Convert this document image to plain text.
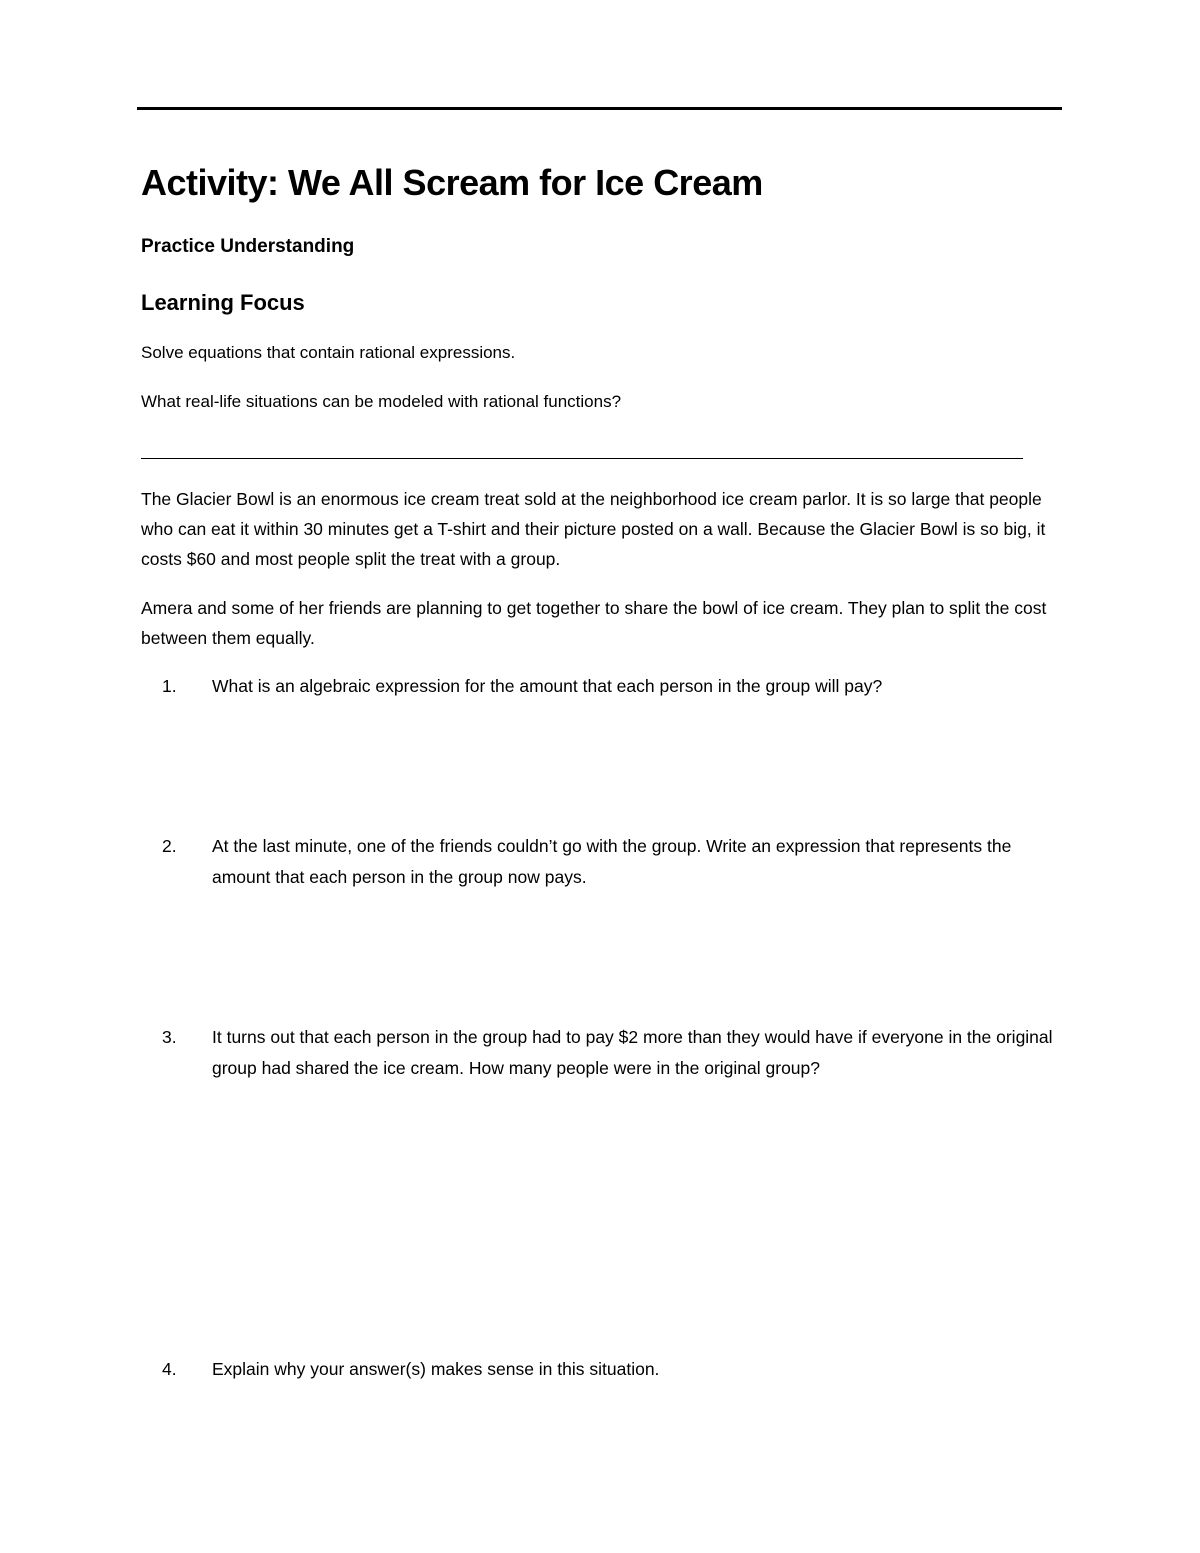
Activity: We All Scream for Ice Cream
Practice Understanding
Learning Focus
Solve equations that contain rational expressions.
What real-life situations can be modeled with rational functions?
The Glacier Bowl is an enormous ice cream treat sold at the neighborhood ice cream parlor. It is so large that people who can eat it within 30 minutes get a T-shirt and their picture posted on a wall. Because the Glacier Bowl is so big, it costs $60 and most people split the treat with a group.
Amera and some of her friends are planning to get together to share the bowl of ice cream. They plan to split the cost between them equally.
1. What is an algebraic expression for the amount that each person in the group will pay?
2. At the last minute, one of the friends couldn’t go with the group. Write an expression that represents the amount that each person in the group now pays.
3. It turns out that each person in the group had to pay $2 more than they would have if everyone in the original group had shared the ice cream. How many people were in the original group?
4. Explain why your answer(s) makes sense in this situation.
